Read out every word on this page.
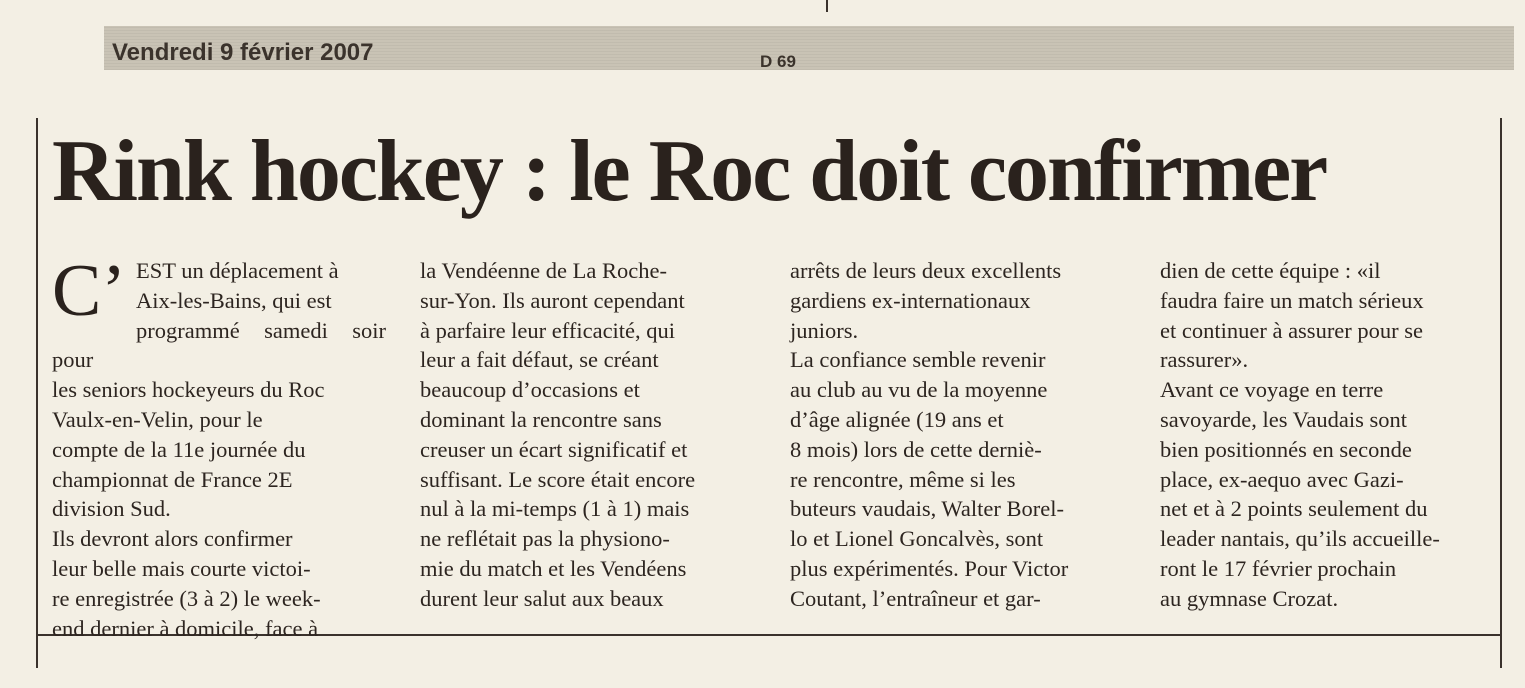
Vendredi 9 février 2007	D 69
Rink hockey : le Roc doit confirmer
C’ EST un déplacement à
Aix-les-Bains, qui est
programmé samedi soir pour
les seniors hockeyeurs du Roc
Vaulx-en-Velin, pour le
compte de la 11e journée du
championnat de France 2E
division Sud.
Ils devront alors confirmer
leur belle mais courte victoi-
re enregistrée (3 à 2) le week-
end dernier à domicile, face à
la Vendéenne de La Roche-
sur-Yon. Ils auront cependant
à parfaire leur efficacité, qui
leur a fait défaut, se créant
beaucoup d’occasions et
dominant la rencontre sans
creuser un écart significatif et
suffisant. Le score était encore
nul à la mi-temps (1 à 1) mais
ne reflétait pas la physiono-
mie du match et les Vendéens
durent leur salut aux beaux
arrêts de leurs deux excellents
gardiens ex-internationaux
juniors.
La confiance semble revenir
au club au vu de la moyenne
d’âge alignée (19 ans et
8 mois) lors de cette derniè-
re rencontre, même si les
buteurs vaudais, Walter Borel-
lo et Lionel Goncalvès, sont
plus expérimentés. Pour Victor
Coutant, l’entraîneur et gar-
dien de cette équipe : «il
faudra faire un match sérieux
et continuer à assurer pour se
rassurer».
Avant ce voyage en terre
savoyarde, les Vaudais sont
bien positionnés en seconde
place, ex-aequo avec Gazi-
net et à 2 points seulement du
leader nantais, qu’ils accueille-
ront le 17 février prochain
au gymnase Crozat.
